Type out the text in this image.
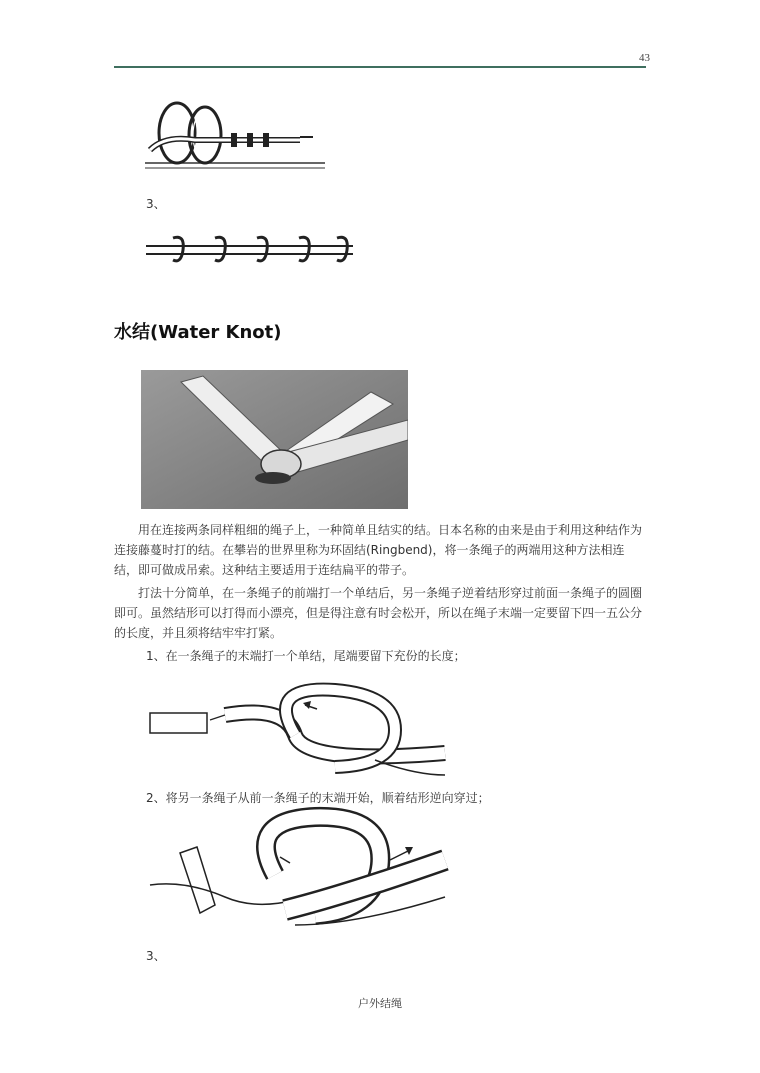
43
3、
水结(Water Knot)

用在连接两条同样粗细的绳子上，一种简单且结实的结。日本名称的由来是由于利用这种结作为连接藤蔓时打的结。在攀岩的世界里称为环固结(Ringbend)，将一条绳子的两端用这种方法相连结，即可做成吊索。这种结主要适用于连结扁平的带子。

打法十分简单，在一条绳子的前端打一个单结后，另一条绳子逆着结形穿过前面一条绳子的圆圈即可。虽然结形可以打得而小漂亮，但是得注意有时会松开，所以在绳子末端一定要留下四一五公分的长度，并且须将结牢牢打紧。

1、在一条绳子的末端打一个单结，尾端要留下充份的长度；
2、将另一条绳子从前一条绳子的末端开始，顺着结形逆向穿过；
3、
户外结绳
